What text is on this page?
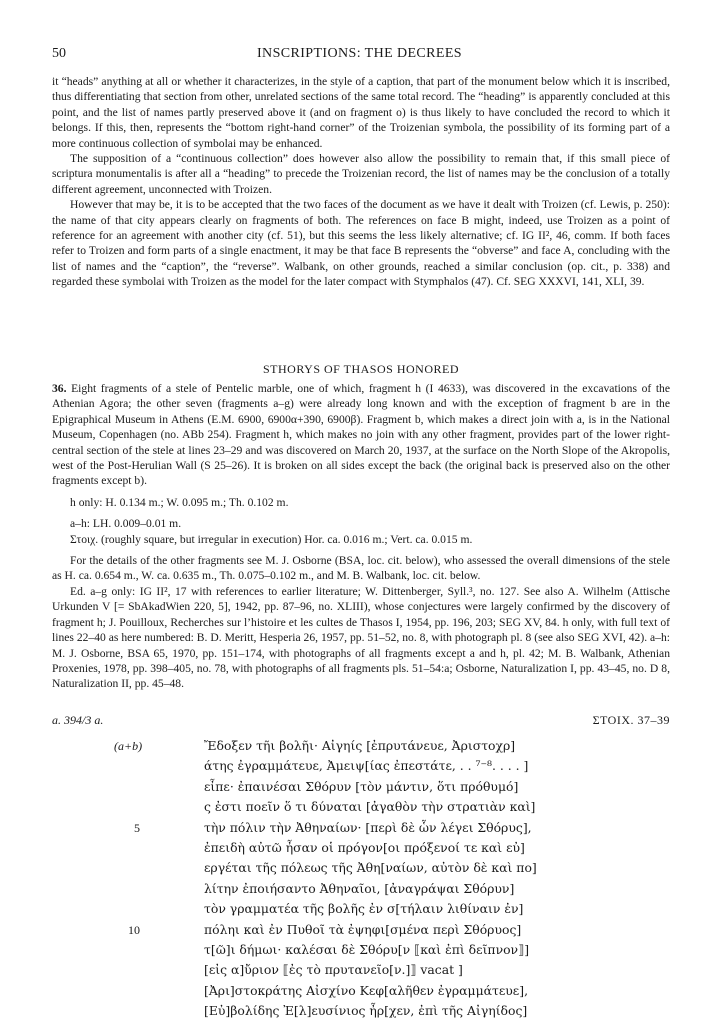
50	INSCRIPTIONS: THE DECREES

it “heads” anything at all or whether it characterizes, in the style of a caption, that part of the monument below which it is inscribed, thus differentiating that section from other, unrelated sections of the same total record. The “heading” is apparently concluded at this point, and the list of names partly preserved above it (and on fragment o) is thus likely to have concluded the record to which it belongs. If this, then, represents the “bottom right-hand corner” of the Troizenian symbola, the possibility of its forming part of a more continuous collection of symbolai may be enhanced.

The supposition of a “continuous collection” does however also allow the possibility to remain that, if this small piece of scriptura monumentalis is after all a “heading” to precede the Troizenian record, the list of names may be the conclusion of a totally different agreement, unconnected with Troizen.

However that may be, it is to be accepted that the two faces of the document as we have it dealt with Troizen (cf. Lewis, p. 250): the name of that city appears clearly on fragments of both. The references on face B might, indeed, use Troizen as a point of reference for an agreement with another city (cf. 51), but this seems the less likely alternative; cf. IG II², 46, comm. If both faces refer to Troizen and form parts of a single enactment, it may be that face B represents the “obverse” and face A, concluding with the list of names and the “caption”, the “reverse”. Walbank, on other grounds, reached a similar conclusion (op. cit., p. 338) and regarded these symbolai with Troizen as the model for the later compact with Stymphalos (47). Cf. SEG XXXVI, 141, XLI, 39.

STHORYS OF THASOS HONORED

36. Eight fragments of a stele of Pentelic marble, one of which, fragment h (I 4633), was discovered in the excavations of the Athenian Agora; the other seven (fragments a–g) were already long known and with the exception of fragment b are in the Epigraphical Museum in Athens (E.M. 6900, 6900α+390, 6900β). Fragment b, which makes a direct join with a, is in the National Museum, Copenhagen (no. ABb 254). Fragment h, which makes no join with any other fragment, provides part of the lower right-central section of the stele at lines 23–29 and was discovered on March 20, 1937, at the surface on the North Slope of the Akropolis, west of the Post-Herulian Wall (S 25–26). It is broken on all sides except the back (the original back is preserved also on the other fragments except b).

h only: H. 0.134 m.; W. 0.095 m.; Th. 0.102 m.

a–h: LH. 0.009–0.01 m.

Στοιχ. (roughly square, but irregular in execution) Hor. ca. 0.016 m.; Vert. ca. 0.015 m.

For the details of the other fragments see M. J. Osborne (BSA, loc. cit. below), who assessed the overall dimensions of the stele as H. ca. 0.654 m., W. ca. 0.635 m., Th. 0.075–0.102 m., and M. B. Walbank, loc. cit. below.

Ed. a–g only: IG II², 17 with references to earlier literature; W. Dittenberger, Syll.³, no. 127. See also A. Wilhelm (Attische Urkunden V [= SbAkadWien 220, 5], 1942, pp. 87–96, no. XLIII), whose conjectures were largely confirmed by the discovery of fragment h; J. Pouilloux, Recherches sur l’histoire et les cultes de Thasos I, 1954, pp. 196, 203; SEG XV, 84. h only, with full text of lines 22–40 as here numbered: B. D. Meritt, Hesperia 26, 1957, pp. 51–52, no. 8, with photograph pl. 8 (see also SEG XVI, 42). a–h: M. J. Osborne, BSA 65, 1970, pp. 151–174, with photographs of all fragments except a and h, pl. 42; M. B. Walbank, Athenian Proxenies, 1978, pp. 398–405, no. 78, with photographs of all fragments pls. 51–54:a; Osborne, Naturalization I, pp. 43–45, no. D 8, Naturalization II, pp. 45–48.

a. 394/3 a.	ΣΤΟΙΧ. 37–39
(a+b)	Ἔδοξεν τῆι βολῆι· Αἰγηίς [ἐπρυτάνευε, Ἀριστοχρ]
άτης ἐγραμμάτευε, Ἀμειψ[ίας ἐπεστάτε, . . ⁷⁻⁸. . . . ]
εἶπε· ἐπαινέσαι Σθόρυν [τὸν μάντιν, ὅτι πρόθυμό]
ς ἐστι ποεῖν ὅ τι δύναται [ἀγαθὸν τὴν στρατιὰν καὶ]
5	τὴν πόλιν τὴν Ἀθηναίων· [περὶ δὲ ὧν λέγει Σθόρυς],
ἐπειδὴ αὐτῶ ἦσαν οἱ πρόγον[οι πρόξενοί τε καὶ εὐ]
εργέται τῆς πόλεως τῆς Ἀθη[ναίων, αὐτὸν δὲ καὶ πο]
λίτην ἐποιήσαντο Ἀθηναῖοι, [ἀναγράψαι Σθόρυν]
τὸν γραμματέα τῆς βολῆς ἐν σ[τήλαιν λιθίναιν ἐν]
10	πόληι καὶ ἐν Πυθοῖ τὰ ἐψηφι[σμένα περὶ Σθόρυος]
τ[ῶ]ι δήμωι· καλέσαι δὲ Σθόρυ[ν ⟦καὶ ἐπὶ δεῖπνον⟧]
[εἰς α]ὔριον ⟦ἐς τὸ πρυτανεῖο[ν.]⟧ vacat ]
[Ἀρι]στοκράτης Αἰσχίνο Κεφ[αλῆθεν ἐγραμμάτευε],
[Εὐ]βολίδης Ἐ[λ]ευσίνιος ἦρ[χεν, ἐπὶ τῆς Αἰγηίδος]
